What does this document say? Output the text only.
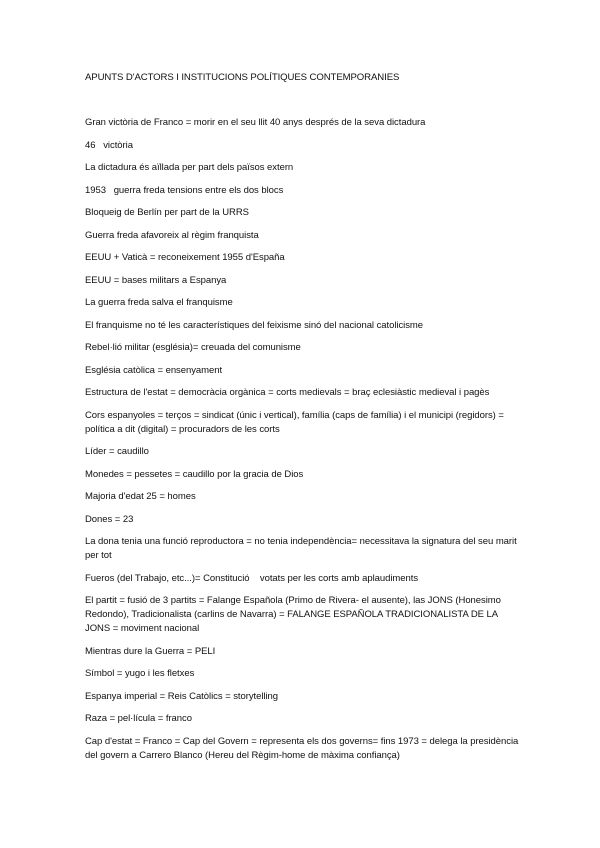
APUNTS D'ACTORS I INSTITUCIONS POLÍTIQUES CONTEMPORANIES
Gran victòria de Franco = morir en el seu llit 40 anys després de la seva dictadura
46   victòria
La dictadura és aïllada per part dels països extern
1953   guerra freda tensions entre els dos blocs
Bloqueig de Berlín per part de la URRS
Guerra freda afavoreix al règim franquista
EEUU + Vaticà = reconeixement 1955 d'España
EEUU = bases militars a Espanya
La guerra freda salva el franquisme
El franquisme no té les característiques del feixisme sinó del nacional catolicisme
Rebel·lió militar (església)= creuada del comunisme
Església catòlica = ensenyament
Estructura de l'estat = democràcia orgànica = corts medievals = braç eclesiàstic medieval i pagès
Cors espanyoles = terços = sindicat (únic i vertical), família (caps de família) i el municipi (regidors) = política a dit (digital) = procuradors de les corts
Líder = caudillo
Monedes = pessetes = caudillo por la gracia de Dios
Majoria d'edat 25 = homes
Dones = 23
La dona tenia una funció reproductora = no tenia independència= necessitava la signatura del seu marit per tot
Fueros (del Trabajo, etc...)= Constitució    votats per les corts amb aplaudiments
El partit = fusió de 3 partits = Falange Española (Primo de Rivera- el ausente), las JONS (Honesimo Redondo), Tradicionalista (carlins de Navarra) = FALANGE ESPAÑOLA TRADICIONALISTA DE LA JONS = moviment nacional
Mientras dure la Guerra = PELI
Símbol = yugo i les fletxes
Espanya imperial = Reis Catòlics = storytelling
Raza = pel·lícula = franco
Cap d'estat = Franco = Cap del Govern = representa els dos governs= fins 1973 = delega la presidència del govern a Carrero Blanco (Hereu del Règim-home de màxima confiança)
